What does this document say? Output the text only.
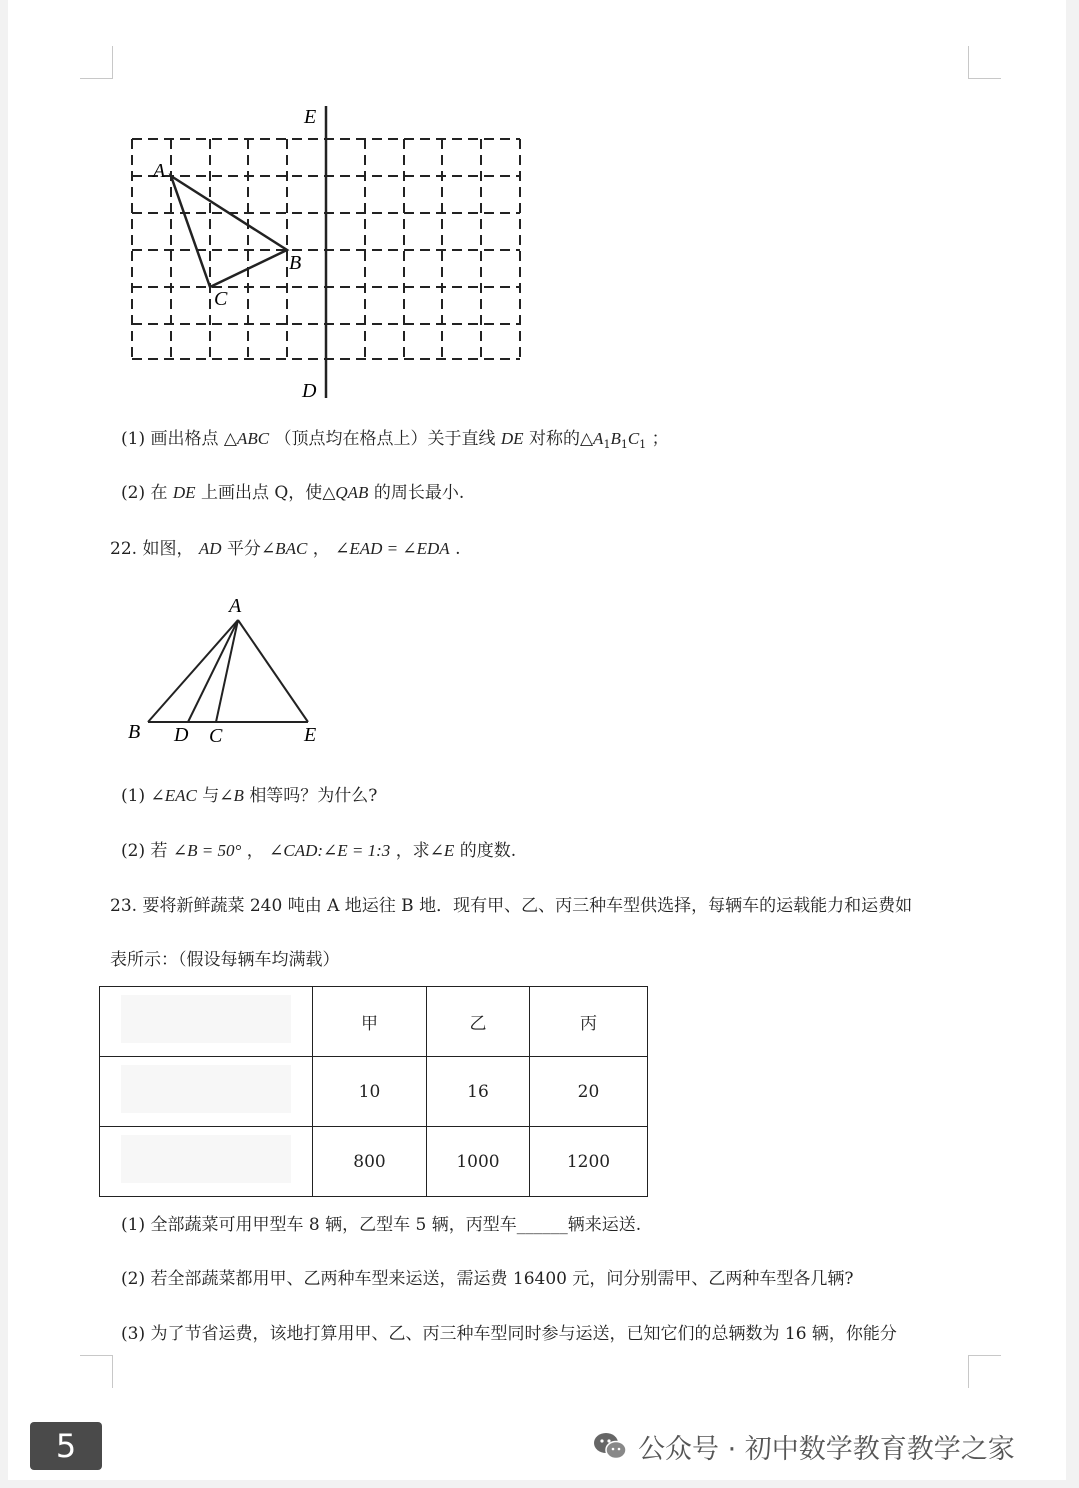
E
D
A
B
C
(1) 画出格点 △ABC （顶点均在格点上）关于直线 DE 对称的$\triangle A_1B_1C_1$ ；
(2) 在 DE 上画出点 Q，使△QAB 的周长最小.
22. 如图， AD 平分∠BAC ， ∠EAD = ∠EDA .
A
B D C	E
(1) ∠EAC 与∠B 相等吗？为什么?
(2) 若 ∠B = 50° ， ∠CAD:∠E = 1:3 ，求∠E 的度数.
23. 要将新鲜蔬菜 240 吨由 A 地运往 B 地．现有甲、乙、丙三种车型供选择，每辆车的运载能力和运费如
表所示：（假设每辆车均满载）
	甲	乙	丙
	10	16	20
	800	1000	1200
(1) 全部蔬菜可用甲型车 8 辆，乙型车 5 辆，丙型车______辆来运送.
(2) 若全部蔬菜都用甲、乙两种车型来运送，需运费 16400 元，问分别需甲、乙两种车型各几辆?
(3) 为了节省运费，该地打算用甲、乙、丙三种车型同时参与运送，已知它们的总辆数为 16 辆，你能分
5	公众号 · 初中数学教育教学之家
